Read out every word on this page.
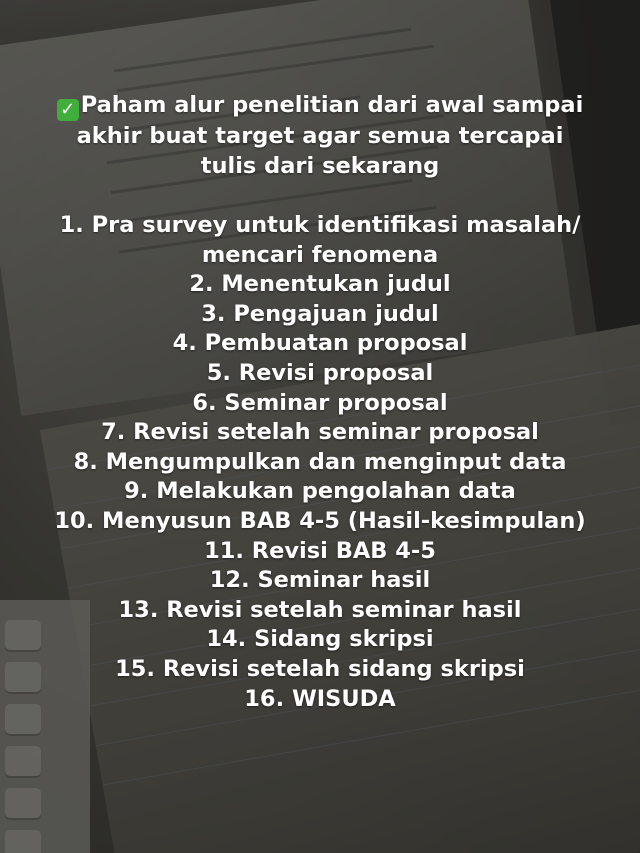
✓ Paham alur penelitian dari awal sampai
akhir buat target agar semua tercapai
tulis dari sekarang
1. Pra survey untuk identifikasi masalah/
mencari fenomena
2. Menentukan judul
3. Pengajuan judul
4. Pembuatan proposal
5. Revisi proposal
6. Seminar proposal
7. Revisi setelah seminar proposal
8. Mengumpulkan dan menginput data
9. Melakukan pengolahan data
10. Menyusun BAB 4-5 (Hasil-kesimpulan)
11. Revisi BAB 4-5
12. Seminar hasil
13. Revisi setelah seminar hasil
14. Sidang skripsi
15. Revisi setelah sidang skripsi
16. WISUDA
